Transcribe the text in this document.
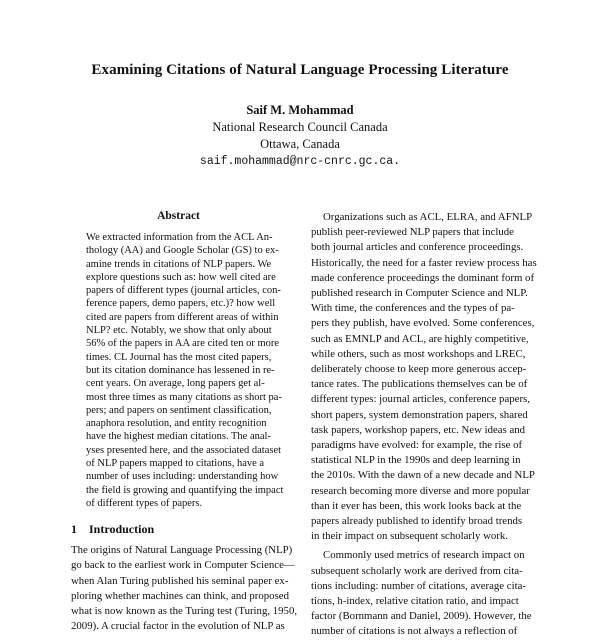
Examining Citations of Natural Language Processing Literature
Saif M. Mohammad
National Research Council Canada
Ottawa, Canada
saif.mohammad@nrc-cnrc.gc.ca.
Abstract
We extracted information from the ACL An-
thology (AA) and Google Scholar (GS) to ex-
amine trends in citations of NLP papers. We
explore questions such as: how well cited are
papers of different types (journal articles, con-
ference papers, demo papers, etc.)? how well
cited are papers from different areas of within
NLP? etc. Notably, we show that only about
56% of the papers in AA are cited ten or more
times. CL Journal has the most cited papers,
but its citation dominance has lessened in re-
cent years. On average, long papers get al-
most three times as many citations as short pa-
pers; and papers on sentiment classification,
anaphora resolution, and entity recognition
have the highest median citations. The anal-
yses presented here, and the associated dataset
of NLP papers mapped to citations, have a
number of uses including: understanding how
the field is growing and quantifying the impact
of different types of papers.
1 Introduction
The origins of Natural Language Processing (NLP)
go back to the earliest work in Computer Science—
when Alan Turing published his seminal paper ex-
ploring whether machines can think, and proposed
what is now known as the Turing test (Turing, 1950,
2009). A crucial factor in the evolution of NLP as
Organizations such as ACL, ELRA, and AFNLP
publish peer-reviewed NLP papers that include
both journal articles and conference proceedings.
Historically, the need for a faster review process has
made conference proceedings the dominant form of
published research in Computer Science and NLP.
With time, the conferences and the types of pa-
pers they publish, have evolved. Some conferences,
such as EMNLP and ACL, are highly competitive,
while others, such as most workshops and LREC,
deliberately choose to keep more generous accep-
tance rates. The publications themselves can be of
different types: journal articles, conference papers,
short papers, system demonstration papers, shared
task papers, workshop papers, etc. New ideas and
paradigms have evolved: for example, the rise of
statistical NLP in the 1990s and deep learning in
the 2010s. With the dawn of a new decade and NLP
research becoming more diverse and more popular
than it ever has been, this work looks back at the
papers already published to identify broad trends
in their impact on subsequent scholarly work.
Commonly used metrics of research impact on
subsequent scholarly work are derived from cita-
tions including: number of citations, average cita-
tions, h-index, relative citation ratio, and impact
factor (Bornmann and Daniel, 2009). However, the
number of citations is not always a reflection of
